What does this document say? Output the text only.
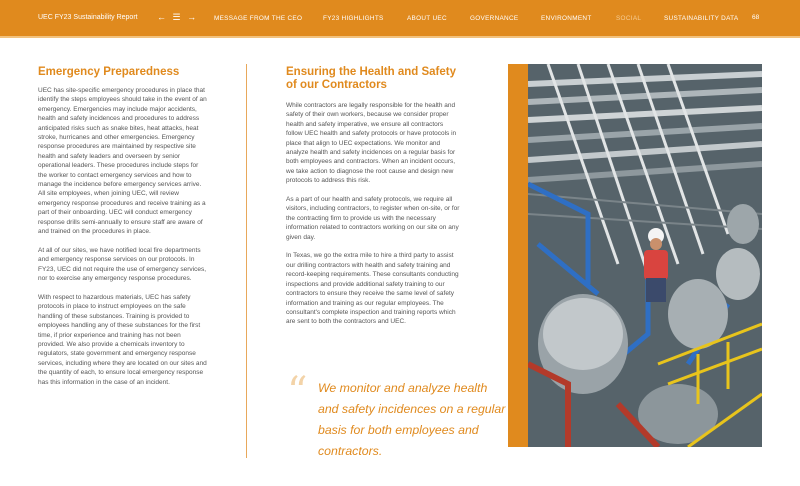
UEC FY23 Sustainability Report ← ☰ → MESSAGE FROM THE CEO	FY23 HIGHLIGHTS	ABOUT UEC	GOVERNANCE	ENVIRONMENT	SOCIAL	SUSTAINABILITY DATA 68
Emergency Preparedness

UEC has site-specific emergency procedures in place that identify the steps employees should take in the event of an emergency. Emergencies may include major accidents, health and safety incidences and procedures to address anticipated risks such as snake bites, heat attacks, heat stroke, hurricanes and other emergencies. Emergency response procedures are maintained by respective site health and safety leaders and overseen by senior operational leaders. These procedures include steps for the worker to contact emergency services and how to manage the incidence before emergency services arrive. All site employees, when joining UEC, will review emergency response procedures and receive training as a part of their onboarding. UEC will conduct emergency response drills semi-annually to ensure staff are aware of and trained on the procedures in place.

At all of our sites, we have notified local fire departments and emergency response services on our protocols. In FY23, UEC did not require the use of emergency services, nor to exercise any emergency response procedures.

With respect to hazardous materials, UEC has safety protocols in place to instruct employees on the safe handling of these substances. Training is provided to employees handling any of these substances for the first time, if prior experience and training has not been provided. We also provide a chemicals inventory to regulators, state government and emergency response services, including where they are located on our sites and the quantity of each, to ensure local emergency response has this information in the case of an incident.

Ensuring the Health and Safety of our Contractors

While contractors are legally responsible for the health and safety of their own workers, because we consider proper health and safety imperative, we ensure all contractors follow UEC health and safety protocols or have protocols in place that align to UEC expectations. We monitor and analyze health and safety incidences on a regular basis for both employees and contractors. When an incident occurs, we take action to diagnose the root cause and design new protocols to address this risk.

As a part of our health and safety protocols, we require all visitors, including contractors, to register when on-site, or for the contracting firm to provide us with the necessary information related to contractors working on our site on any given day.

In Texas, we go the extra mile to hire a third party to assist our drilling contractors with health and safety training and record-keeping requirements. These consultants conducting inspections and provide additional safety training to our contractors to ensure they receive the same level of safety information and training as our regular employees. The consultant's complete inspection and training reports which are sent to both the contractors and UEC.

“ We monitor and analyze health and safety incidences on a regular basis for both employees and contractors.
